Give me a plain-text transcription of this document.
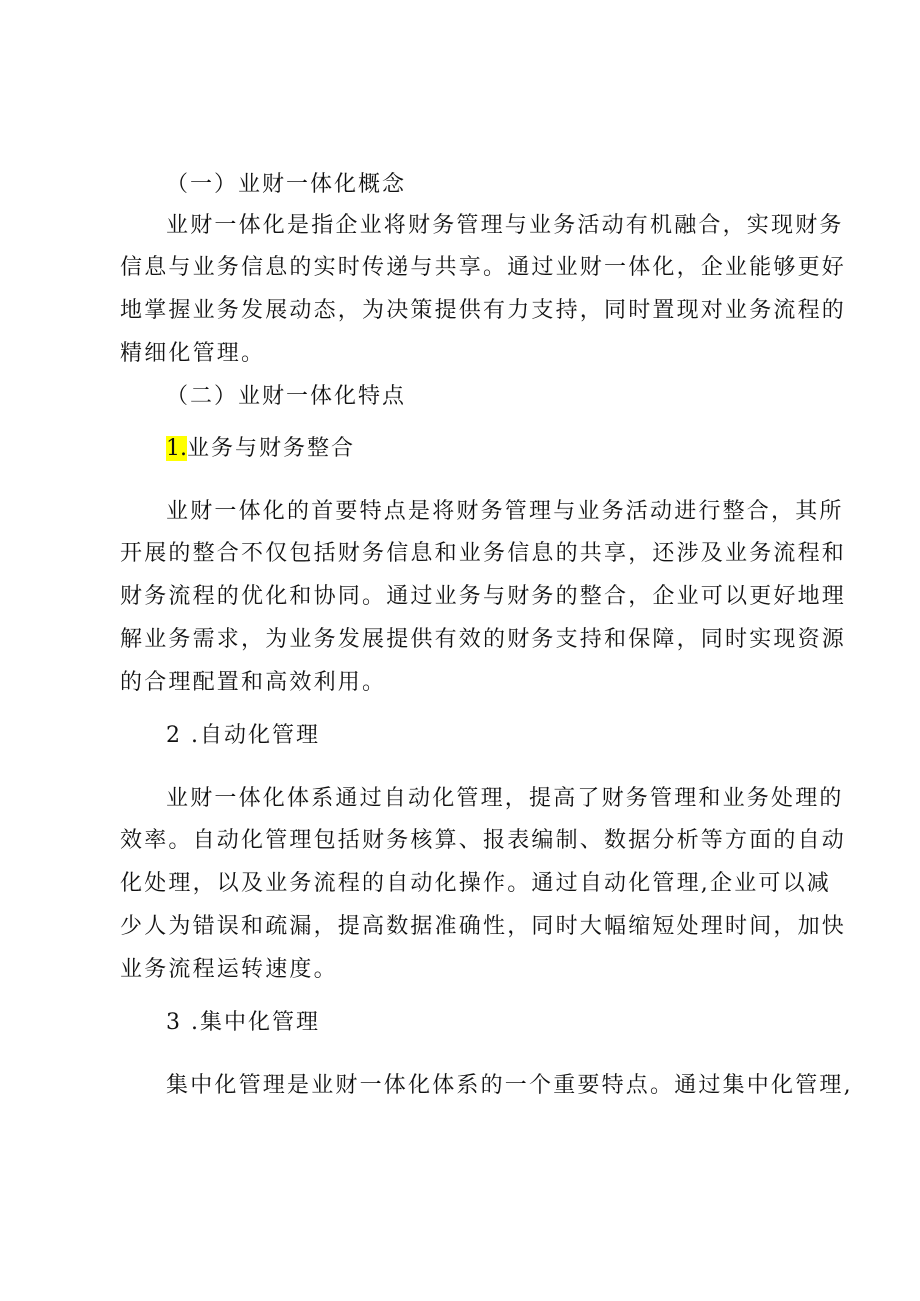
（一）业财一体化概念
业财一体化是指企业将财务管理与业务活动有机融合，实现财务
信息与业务信息的实时传递与共享。通过业财一体化，企业能够更好
地掌握业务发展动态，为决策提供有力支持，同时置现对业务流程的
精细化管理。
（二）业财一体化特点
1.业务与财务整合
业财一体化的首要特点是将财务管理与业务活动进行整合，其所
开展的整合不仅包括财务信息和业务信息的共享，还涉及业务流程和
财务流程的优化和协同。通过业务与财务的整合，企业可以更好地理
解业务需求，为业务发展提供有效的财务支持和保障，同时实现资源
的合理配置和高效利用。
2 .自动化管理
业财一体化体系通过自动化管理，提高了财务管理和业务处理的
效率。自动化管理包括财务核算、报表编制、数据分析等方面的自动
化处理，以及业务流程的自动化操作。通过自动化管理,企业可以减
少人为错误和疏漏，提高数据准确性，同时大幅缩短处理时间，加快
业务流程运转速度。
3 .集中化管理
集中化管理是业财一体化体系的一个重要特点。通过集中化管理,
